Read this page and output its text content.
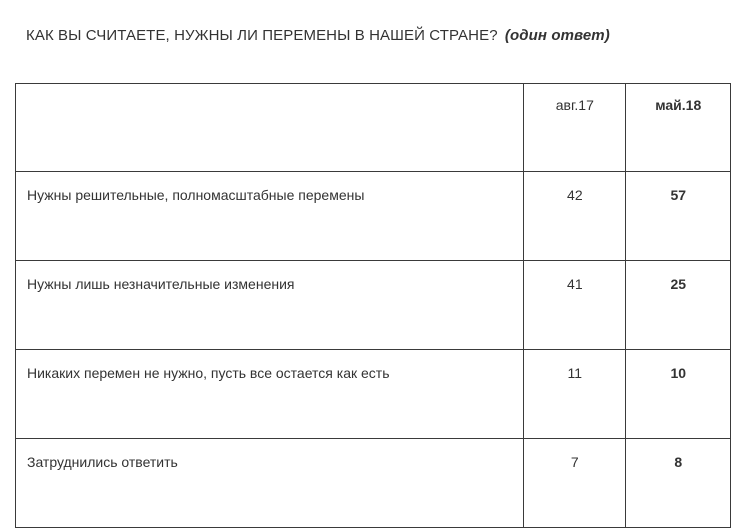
КАК ВЫ СЧИТАЕТЕ, НУЖНЫ ЛИ ПЕРЕМЕНЫ В НАШЕЙ СТРАНЕ? (один ответ)
	авг.17	май.18
Нужны решительные, полномасштабные перемены	42	57
Нужны лишь незначительные изменения	41	25
Никаких перемен не нужно, пусть все остается как есть	11	10
Затруднились ответить	7	8
